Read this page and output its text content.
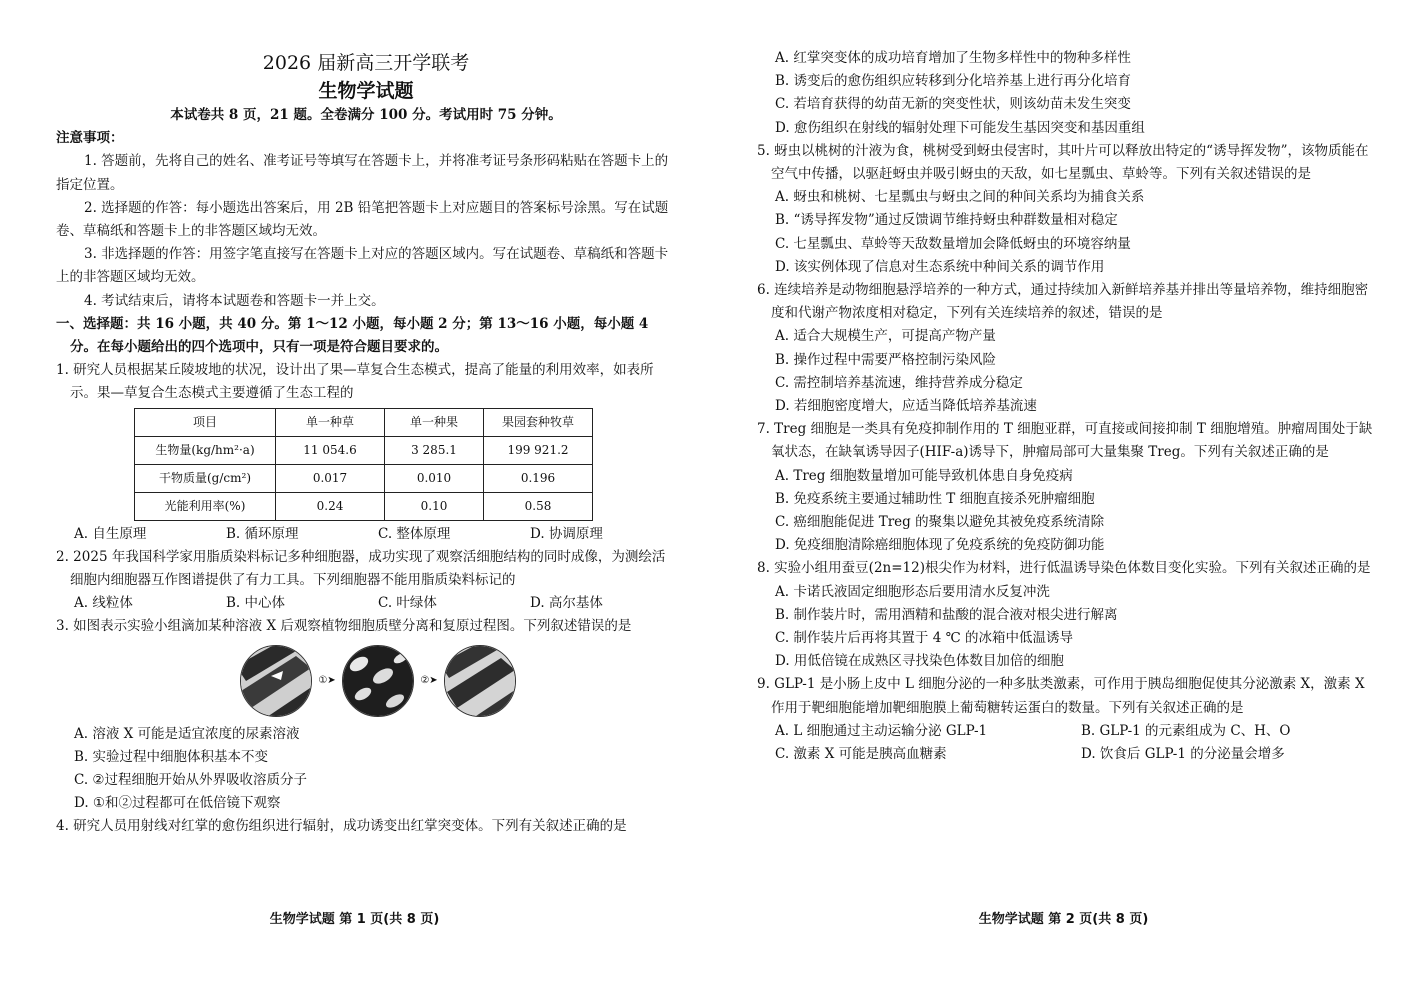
2026 届新高三开学联考
生物学试题
本试卷共 8 页，21 题。全卷满分 100 分。考试用时 75 分钟。
注意事项：

1. 答题前，先将自己的姓名、准考证号等填写在答题卡上，并将准考证号条形码粘贴在答题卡上的指定位置。

2. 选择题的作答：每小题选出答案后，用 2B 铅笔把答题卡上对应题目的答案标号涂黑。写在试题卷、草稿纸和答题卡上的非答题区域均无效。

3. 非选择题的作答：用签字笔直接写在答题卡上对应的答题区域内。写在试题卷、草稿纸和答题卡上的非答题区域均无效。

4. 考试结束后，请将本试题卷和答题卡一并上交。

一、选择题：共 16 小题，共 40 分。第 1～12 小题，每小题 2 分；第 13～16 小题，每小题 4 分。在每小题给出的四个选项中，只有一项是符合题目要求的。

1. 研究人员根据某丘陵坡地的状况，设计出了果—草复合生态模式，提高了能量的利用效率，如表所示。果—草复合生态模式主要遵循了生态工程的

项目	单一种草	单一种果	果园套种牧草
生物量(kg/hm²·a)	11 054.6	3 285.1	199 921.2
干物质量(g/cm²)	0.017	0.010	0.196
光能利用率(%)	0.24	0.10	0.58
A. 自生原理	B. 循环原理	C. 整体原理	D. 协调原理

2. 2025 年我国科学家用脂质染料标记多种细胞器，成功实现了观察活细胞结构的同时成像，为测绘活细胞内细胞器互作图谱提供了有力工具。下列细胞器不能用脂质染料标记的

A. 线粒体	B. 中心体	C. 叶绿体	D. 高尔基体

3. 如图表示实验小组滴加某种溶液 X 后观察植物细胞质壁分离和复原过程图。下列叙述错误的是

① ➤	② ➤
A. 溶液 X 可能是适宜浓度的尿素溶液
B. 实验过程中细胞体积基本不变
C. ②过程细胞开始从外界吸收溶质分子
D. ①和②过程都可在低倍镜下观察

4. 研究人员用射线对红掌的愈伤组织进行辐射，成功诱变出红掌突变体。下列有关叙述正确的是

生物学试题 第 1 页(共 8 页)
A. 红掌突变体的成功培育增加了生物多样性中的物种多样性
B. 诱变后的愈伤组织应转移到分化培养基上进行再分化培育
C. 若培育获得的幼苗无新的突变性状，则该幼苗未发生突变
D. 愈伤组织在射线的辐射处理下可能发生基因突变和基因重组

5. 蚜虫以桃树的汁液为食，桃树受到蚜虫侵害时，其叶片可以释放出特定的“诱导挥发物”，该物质能在空气中传播，以驱赶蚜虫并吸引蚜虫的天敌，如七星瓢虫、草蛉等。下列有关叙述错误的是

A. 蚜虫和桃树、七星瓢虫与蚜虫之间的种间关系均为捕食关系
B. “诱导挥发物”通过反馈调节维持蚜虫种群数量相对稳定
C. 七星瓢虫、草蛉等天敌数量增加会降低蚜虫的环境容纳量
D. 该实例体现了信息对生态系统中种间关系的调节作用

6. 连续培养是动物细胞悬浮培养的一种方式，通过持续加入新鲜培养基并排出等量培养物，维持细胞密度和代谢产物浓度相对稳定，下列有关连续培养的叙述，错误的是

A. 适合大规模生产，可提高产物产量
B. 操作过程中需要严格控制污染风险
C. 需控制培养基流速，维持营养成分稳定
D. 若细胞密度增大，应适当降低培养基流速

7. Treg 细胞是一类具有免疫抑制作用的 T 细胞亚群，可直接或间接抑制 T 细胞增殖。肿瘤周围处于缺氧状态，在缺氧诱导因子(HIF-a)诱导下，肿瘤局部可大量集聚 Treg。下列有关叙述正确的是

A. Treg 细胞数量增加可能导致机体患自身免疫病
B. 免疫系统主要通过辅助性 T 细胞直接杀死肿瘤细胞
C. 癌细胞能促进 Treg 的聚集以避免其被免疫系统清除
D. 免疫细胞清除癌细胞体现了免疫系统的免疫防御功能

8. 实验小组用蚕豆(2n=12)根尖作为材料，进行低温诱导染色体数目变化实验。下列有关叙述正确的是

A. 卡诺氏液固定细胞形态后要用清水反复冲洗
B. 制作装片时，需用酒精和盐酸的混合液对根尖进行解离
C. 制作装片后再将其置于 4 ℃ 的冰箱中低温诱导
D. 用低倍镜在成熟区寻找染色体数目加倍的细胞

9. GLP-1 是小肠上皮中 L 细胞分泌的一种多肽类激素，可作用于胰岛细胞促使其分泌激素 X，激素 X 作用于靶细胞能增加靶细胞膜上葡萄糖转运蛋白的数量。下列有关叙述正确的是

A. L 细胞通过主动运输分泌 GLP-1	B. GLP-1 的元素组成为 C、H、O
C. 激素 X 可能是胰高血糖素	D. 饮食后 GLP-1 的分泌量会增多
生物学试题 第 2 页(共 8 页)
